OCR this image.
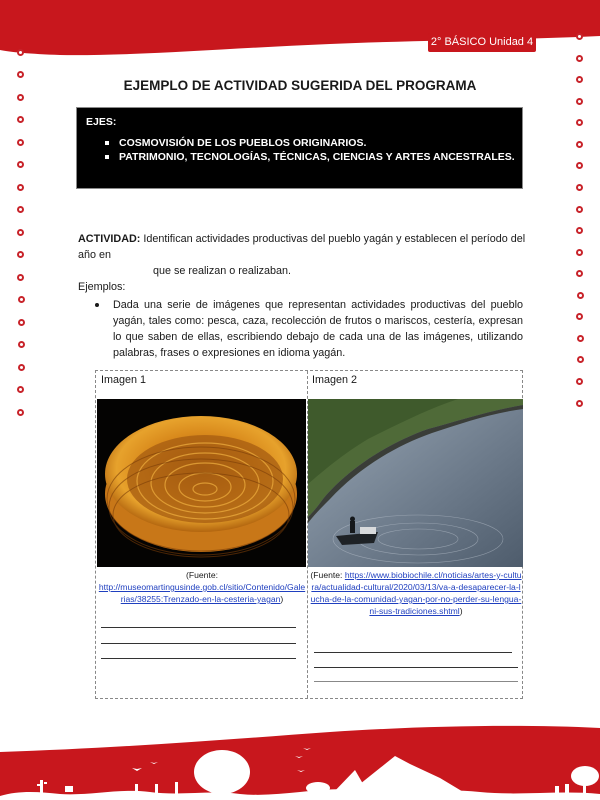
2° BÁSICO Unidad 4
EJEMPLO DE ACTIVIDAD SUGERIDA DEL PROGRAMA
EJES:
COSMOVISIÓN DE LOS PUEBLOS ORIGINARIOS.
PATRIMONIO, TECNOLOGÍAS, TÉCNICAS, CIENCIAS Y ARTES ANCESTRALES.
ACTIVIDAD: Identifican actividades productivas del pueblo yagán y establecen el período del año en
que se realizan o realizaban.
Ejemplos:
Dada una serie de imágenes que representan actividades productivas del pueblo yagán, tales como: pesca, caza, recolección de frutos o mariscos, cestería, expresan lo que saben de ellas, escribiendo debajo de cada una de las imágenes, utilizando palabras, frases o expresiones en idioma yagán.
Imagen 1
(Fuente:
http://museomartingusinde.gob.cl/sitio/Contenido/Galerias/38255:Trenzado-en-la-cesteria-yagan)
Imagen 2
(Fuente: https://www.biobiochile.cl/noticias/artes-y-cultura/actualidad-cultural/2020/03/13/va-a-desaparecer-la-lucha-de-la-comunidad-yagan-por-no-perder-su-lengua-ni-sus-tradiciones.shtml)
